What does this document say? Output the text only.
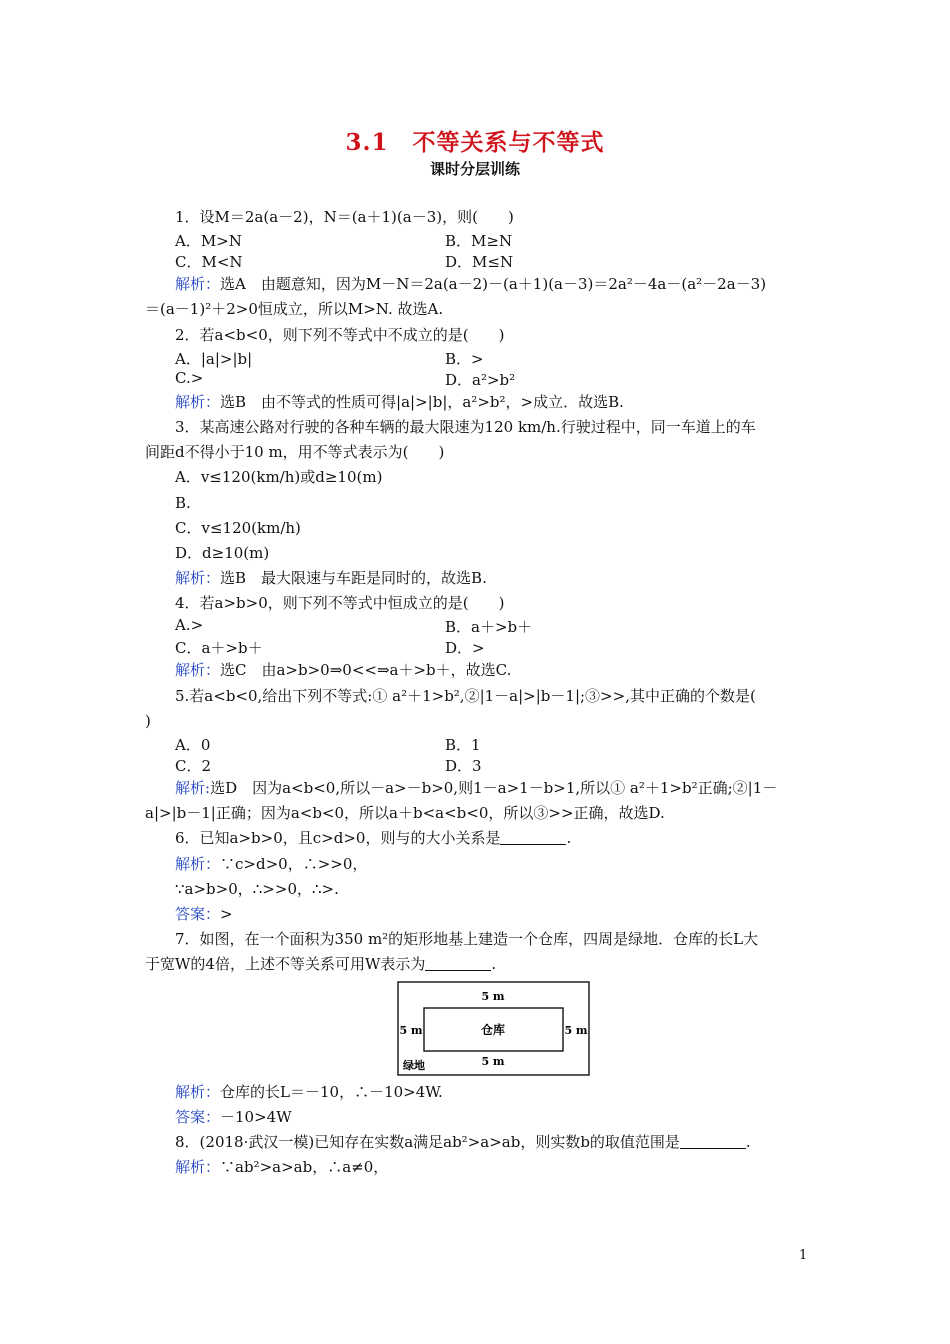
3.1　不等关系与不等式
课时分层训练
1．设M＝2a(a－2)，N＝(a＋1)(a－3)，则(　　)
A．M>N	B．M≥N
C．M<N	D．M≤N
解析：选A　由题意知，因为M－N＝2a(a－2)－(a＋1)(a－3)＝2a²－4a－(a²－2a－3)
＝(a－1)²＋2>0恒成立，所以M>N. 故选A.
2．若a<b<0，则下列不等式中不成立的是(　　)
A．|a|>|b|	B．>
C.>	D．a²>b²
解析：选B　由不等式的性质可得|a|>|b|，a²>b²，>成立．故选B.
3．某高速公路对行驶的各种车辆的最大限速为120 km/h.行驶过程中，同一车道上的车
间距d不得小于10 m，用不等式表示为(　　)
A．v≤120(km/h)或d≥10(m)
B.
C．v≤120(km/h)
D．d≥10(m)
解析：选B　最大限速与车距是同时的，故选B.
4．若a>b>0，则下列不等式中恒成立的是(　　)
A.>	B．a＋>b＋
C．a＋>b＋	D．>
解析：选C　由a>b>0⇒0<<⇒a＋>b＋，故选C.
5.若a<b<0,给出下列不等式:① a²＋1>b²,②|1－a|>|b－1|;③>>,其中正确的个数是(
)
A．0	B．1
C．2	D．3
解析:选D　因为a<b<0,所以－a>－b>0,则1－a>1－b>1,所以① a²＋1>b²正确;②|1－
a|>|b－1|正确；因为a<b<0，所以a＋b<a<b<0，所以③>>正确，故选D.
6．已知a>b>0，且c>d>0，则与的大小关系是	.
解析：∵c>d>0，∴>>0，
∵a>b>0，∴>>0，∴>.
答案：>
7．如图，在一个面积为350 m²的矩形地基上建造一个仓库，四周是绿地．仓库的长L大
于宽W的4倍，上述不等关系可用W表示为	.
5 m
5 m	5 m
仓库
5 m
绿地
解析：仓库的长L＝－10，∴－10>4W.
答案：－10>4W
8．(2018·武汉一模)已知存在实数a满足ab²>a>ab，则实数b的取值范围是	.
解析：∵ab²>a>ab，∴a≠0，
1
